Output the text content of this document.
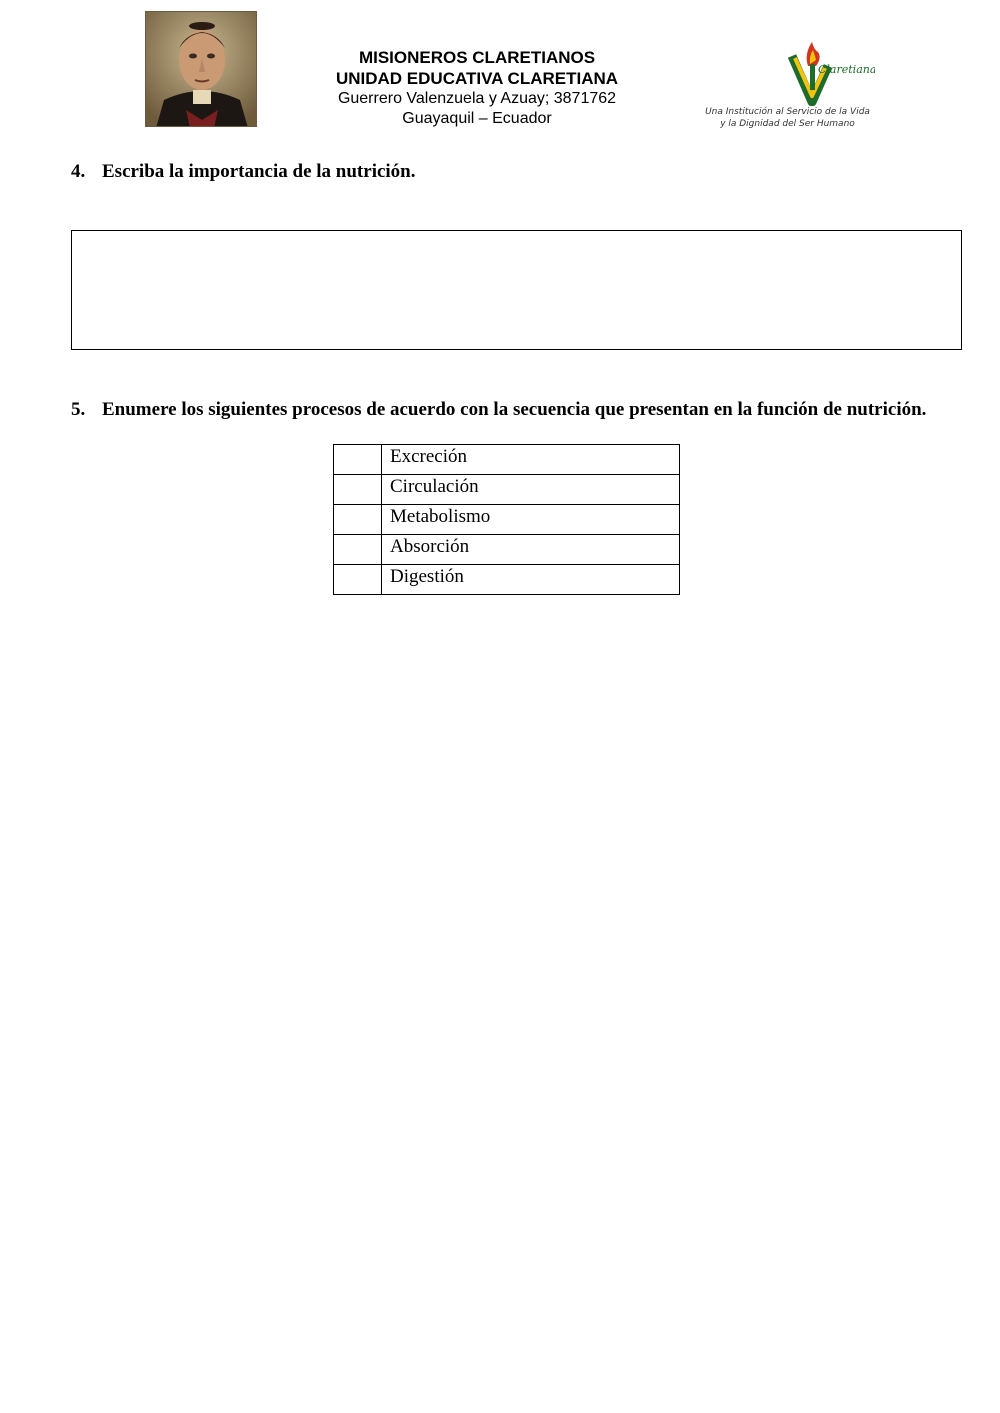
MISIONEROS CLARETIANOS
UNIDAD EDUCATIVA CLARETIANA
Guerrero Valenzuela y Azuay; 3871762
Guayaquil – Ecuador
Claretiana
Una Institución al Servicio de la Vida
y la Dignidad del Ser Humano
4. Escriba la importancia de la nutrición.
5. Enumere los siguientes procesos de acuerdo con la secuencia que presentan en la función de nutrición.
	Excreción
	Circulación
	Metabolismo
	Absorción
	Digestión
